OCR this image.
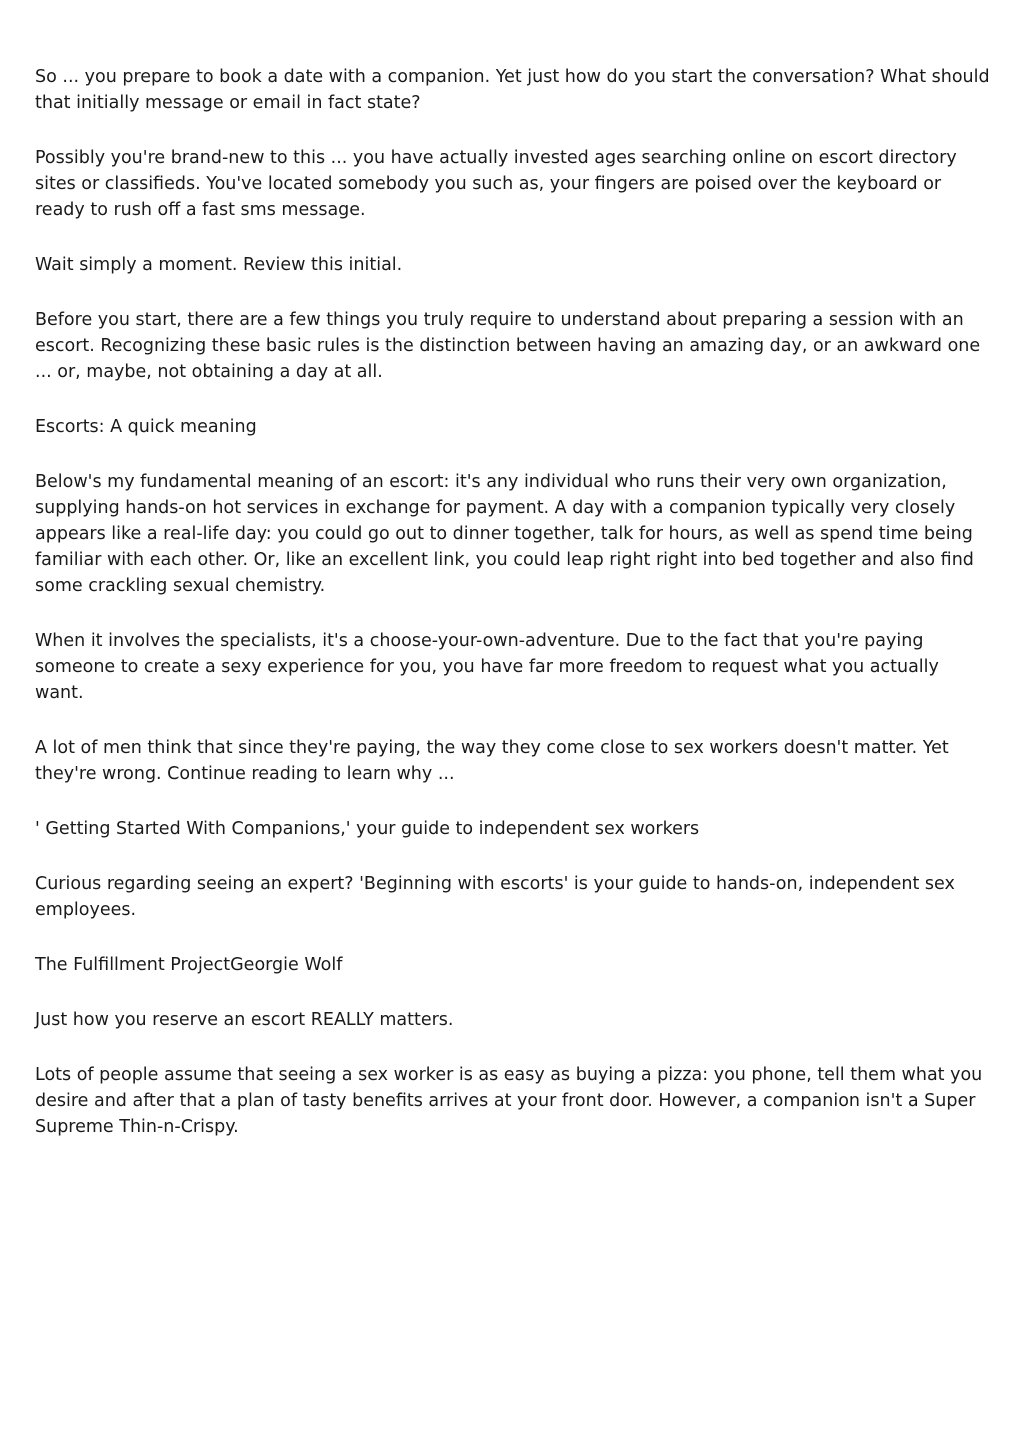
So ... you prepare to book a date with a companion. Yet just how do you start the conversation? What should that initially message or email in fact state?

Possibly you're brand-new to this ... you have actually invested ages searching online on escort directory sites or classifieds. You've located somebody you such as, your fingers are poised over the keyboard or ready to rush off a fast sms message.

Wait simply a moment. Review this initial.

Before you start, there are a few things you truly require to understand about preparing a session with an escort. Recognizing these basic rules is the distinction between having an amazing day, or an awkward one ... or, maybe, not obtaining a day at all.

Escorts: A quick meaning

Below's my fundamental meaning of an escort: it's any individual who runs their very own organization, supplying hands-on hot services in exchange for payment. A day with a companion typically very closely appears like a real-life day: you could go out to dinner together, talk for hours, as well as spend time being familiar with each other. Or, like an excellent link, you could leap right right into bed together and also find some crackling sexual chemistry.

When it involves the specialists, it's a choose-your-own-adventure. Due to the fact that you're paying someone to create a sexy experience for you, you have far more freedom to request what you actually want.

A lot of men think that since they're paying, the way they come close to sex workers doesn't matter. Yet they're wrong. Continue reading to learn why ...

' Getting Started With Companions,' your guide to independent sex workers

Curious regarding seeing an expert? 'Beginning with escorts' is your guide to hands-on, independent sex employees.

The Fulfillment ProjectGeorgie Wolf

Just how you reserve an escort REALLY matters.

Lots of people assume that seeing a sex worker is as easy as buying a pizza: you phone, tell them what you desire and after that a plan of tasty benefits arrives at your front door. However, a companion isn't a Super Supreme Thin-n-Crispy.
